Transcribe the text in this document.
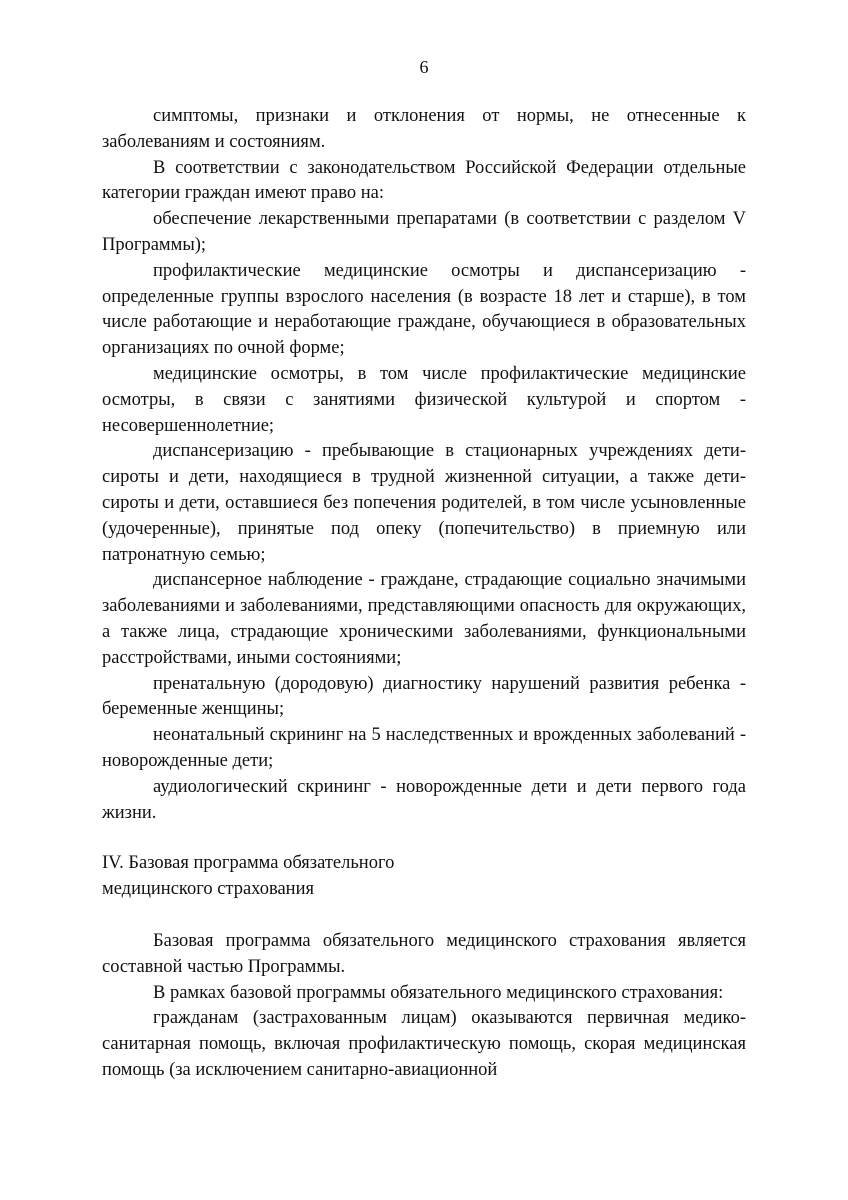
6

симптомы, признаки и отклонения от нормы, не отнесенные к заболеваниям и состояниям.

В соответствии с законодательством Российской Федерации отдельные категории граждан имеют право на:

обеспечение лекарственными препаратами (в соответствии с разделом V Программы);

профилактические медицинские осмотры и диспансеризацию - определенные группы взрослого населения (в возрасте 18 лет и старше), в том числе работающие и неработающие граждане, обучающиеся в образовательных организациях по очной форме;

медицинские осмотры, в том числе профилактические медицинские осмотры, в связи с занятиями физической культурой и спортом - несовершеннолетние;

диспансеризацию - пребывающие в стационарных учреждениях дети-сироты и дети, находящиеся в трудной жизненной ситуации, а также дети-сироты и дети, оставшиеся без попечения родителей, в том числе усыновленные (удочеренные), принятые под опеку (попечительство) в приемную или патронатную семью;

диспансерное наблюдение - граждане, страдающие социально значимыми заболеваниями и заболеваниями, представляющими опасность для окружающих, а также лица, страдающие хроническими заболеваниями, функциональными расстройствами, иными состояниями;

пренатальную (дородовую) диагностику нарушений развития ребенка - беременные женщины;

неонатальный скрининг на 5 наследственных и врожденных заболеваний - новорожденные дети;

аудиологический скрининг - новорожденные дети и дети первого года жизни.

IV. Базовая программа обязательного
медицинского страхования

Базовая программа обязательного медицинского страхования является составной частью Программы.

В рамках базовой программы обязательного медицинского страхования:

гражданам (застрахованным лицам) оказываются первичная медико-санитарная помощь, включая профилактическую помощь, скорая медицинская помощь (за исключением санитарно-авиационной
